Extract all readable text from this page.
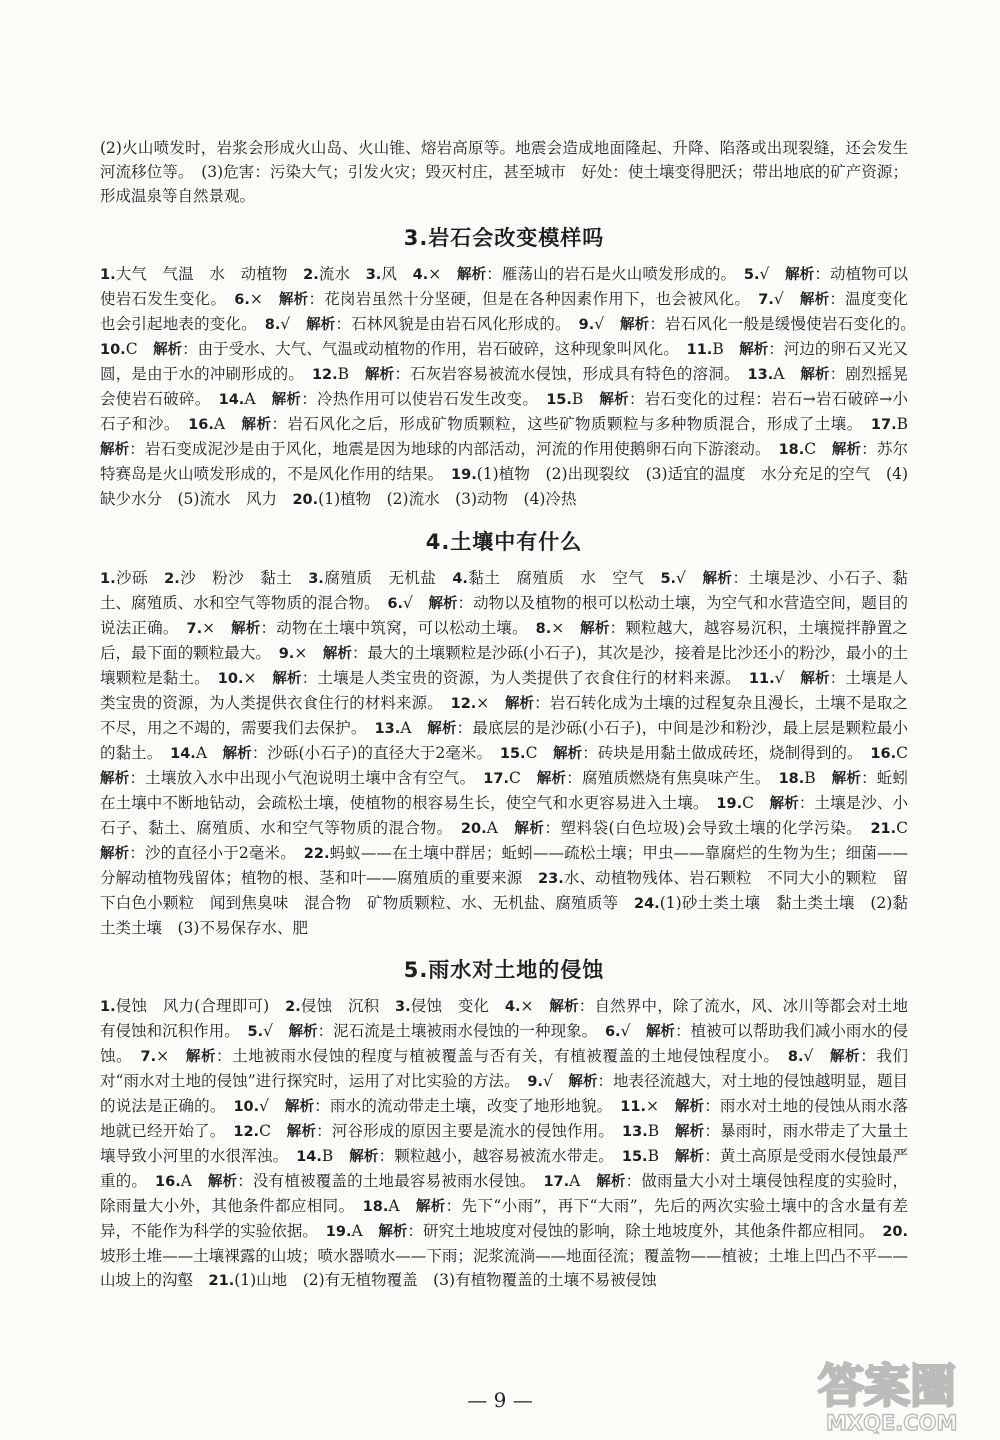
(2)火山喷发时，岩浆会形成火山岛、火山锥、熔岩高原等。地震会造成地面隆起、升降、陷落或出现裂缝，还会发生河流移位等。　(3)危害：污染大气；引发火灾；毁灭村庄，甚至城市　好处：使土壤变得肥沃；带出地底的矿产资源；形成温泉等自然景观。

3.岩石会改变模样吗

1.大气　气温　水　动植物　2.流水　3.风　4.×　解析：雁荡山的岩石是火山喷发形成的。　5.√　解析：动植物可以使岩石发生变化。　6.×　解析：花岗岩虽然十分坚硬，但是在各种因素作用下，也会被风化。　7.√　解析：温度变化也会引起地表的变化。　8.√　解析：石林风貌是由岩石风化形成的。　9.√　解析：岩石风化一般是缓慢使岩石变化的。　10.C　解析：由于受水、大气、气温或动植物的作用，岩石破碎，这种现象叫风化。　11.B　解析：河边的卵石又光又圆，是由于水的冲刷形成的。　12.B　解析：石灰岩容易被流水侵蚀，形成具有特色的溶洞。　13.A　解析：剧烈摇晃会使岩石破碎。　14.A　解析：冷热作用可以使岩石发生改变。　15.B　解析：岩石变化的过程：岩石→岩石破碎→小石子和沙。　16.A　解析：岩石风化之后，形成矿物质颗粒，这些矿物质颗粒与多种物质混合，形成了土壤。　17.B　解析：岩石变成泥沙是由于风化，地震是因为地球的内部活动，河流的作用使鹅卵石向下游滚动。　18.C　解析：苏尔特赛岛是火山喷发形成的，不是风化作用的结果。　19.(1)植物　(2)出现裂纹　(3)适宜的温度　水分充足的空气　(4)缺少水分　(5)流水　风力　20.(1)植物　(2)流水　(3)动物　(4)冷热

4.土壤中有什么

1.沙砾　2.沙　粉沙　黏土　3.腐殖质　无机盐　4.黏土　腐殖质　水　空气　5.√　解析：土壤是沙、小石子、黏土、腐殖质、水和空气等物质的混合物。　6.√　解析：动物以及植物的根可以松动土壤，为空气和水营造空间，题目的说法正确。　7.×　解析：动物在土壤中筑窝，可以松动土壤。　8.×　解析：颗粒越大，越容易沉积，土壤搅拌静置之后，最下面的颗粒最大。　9.×　解析：最大的土壤颗粒是沙砾(小石子)，其次是沙，接着是比沙还小的粉沙，最小的土壤颗粒是黏土。　10.×　解析：土壤是人类宝贵的资源，为人类提供了衣食住行的材料来源。　11.√　解析：土壤是人类宝贵的资源，为人类提供衣食住行的材料来源。　12.×　解析：岩石转化成为土壤的过程复杂且漫长，土壤不是取之不尽，用之不竭的，需要我们去保护。　13.A　解析：最底层的是沙砾(小石子)，中间是沙和粉沙，最上层是颗粒最小的黏土。　14.A　解析：沙砾(小石子)的直径大于2毫米。　15.C　解析：砖块是用黏土做成砖坯，烧制得到的。　16.C　解析：土壤放入水中出现小气泡说明土壤中含有空气。　17.C　解析：腐殖质燃烧有焦臭味产生。　18.B　解析：蚯蚓在土壤中不断地钻动，会疏松土壤，使植物的根容易生长，使空气和水更容易进入土壤。　19.C　解析：土壤是沙、小石子、黏土、腐殖质、水和空气等物质的混合物。　20.A　解析：塑料袋(白色垃圾)会导致土壤的化学污染。　21.C　解析：沙的直径小于2毫米。　22.蚂蚁——在土壤中群居；蚯蚓——疏松土壤；甲虫——靠腐烂的生物为生；细菌——分解动植物残留体；植物的根、茎和叶——腐殖质的重要来源　23.水、动植物残体、岩石颗粒　不同大小的颗粒　留下白色小颗粒　闻到焦臭味　混合物　矿物质颗粒、水、无机盐、腐殖质等　24.(1)砂土类土壤　黏土类土壤　(2)黏土类土壤　(3)不易保存水、肥

5.雨水对土地的侵蚀

1.侵蚀　风力(合理即可)　2.侵蚀　沉积　3.侵蚀　变化　4.×　解析：自然界中，除了流水，风、冰川等都会对土地有侵蚀和沉积作用。　5.√　解析：泥石流是土壤被雨水侵蚀的一种现象。　6.√　解析：植被可以帮助我们减小雨水的侵蚀。　7.×　解析：土地被雨水侵蚀的程度与植被覆盖与否有关，有植被覆盖的土地侵蚀程度小。　8.√　解析：我们对“雨水对土地的侵蚀”进行探究时，运用了对比实验的方法。　9.√　解析：地表径流越大，对土地的侵蚀越明显，题目的说法是正确的。　10.√　解析：雨水的流动带走土壤，改变了地形地貌。　11.×　解析：雨水对土地的侵蚀从雨水落地就已经开始了。　12.C　解析：河谷形成的原因主要是流水的侵蚀作用。　13.B　解析：暴雨时，雨水带走了大量土壤导致小河里的水很浑浊。　14.B　解析：颗粒越小，越容易被流水带走。　15.B　解析：黄土高原是受雨水侵蚀最严重的。　16.A　解析：没有植被覆盖的土地最容易被雨水侵蚀。　17.A　解析：做雨量大小对土壤侵蚀程度的实验时，除雨量大小外，其他条件都应相同。　18.A　解析：先下“小雨”，再下“大雨”，先后的两次实验土壤中的含水量有差异，不能作为科学的实验依据。　19.A　解析：研究土地坡度对侵蚀的影响，除土地坡度外，其他条件都应相同。　20.坡形土堆——土壤裸露的山坡；喷水器喷水——下雨；泥浆流淌——地面径流；覆盖物——植被；土堆上凹凸不平——山坡上的沟壑　21.(1)山地　(2)有无植物覆盖　(3)有植物覆盖的土壤不易被侵蚀

— 9 —	答案圈
MXQE.COM
